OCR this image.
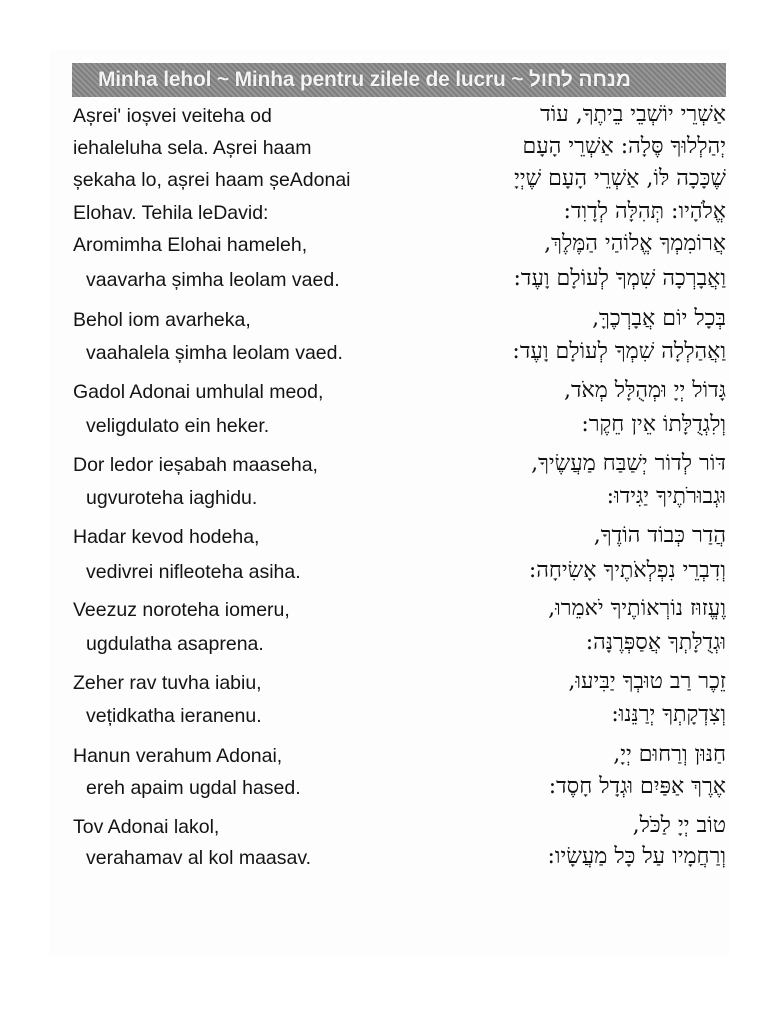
Minha lehol ~ Minha pentru zilele de lucru ~ מנחה לחול
Așrei' ioșvei veiteha od	אַשְׁרֵי יוֹשְׁבֵי בֵיתֶךָ, עוֹד
iehaleluha sela. Așrei haam	יְהַלְלוּךָ סֶּלָה: אַשְׁרֵי הָעָם
șekaha lo, așrei haam șeAdonai	שֶׁכָּכָה לּוֹ, אַשְׁרֵי הָעָם שֶׁיְיָ
Elohav. Tehila leDavid:	אֱלֹהָיו: תְּהִלָּה לְדָוִד:
Aromimha Elohai hameleh,	אֲרוֹמִמְךָ אֱלוֹהַי הַמֶּלֶךְ,
vaavarha șimha leolam vaed.	וַאֲבָרְכָה שִׁמְךָ לְעוֹלָם וָעֶד:
Behol iom avarheka,	בְּכָל יוֹם אֲבָרְכֶךָּ,
vaahalela șimha leolam vaed.	וַאֲהַלְלָה שִׁמְךָ לְעוֹלָם וָעֶד:
Gadol Adonai umhulal meod,	גָּדוֹל יְיָ וּמְהֻלָּל מְאֹד,
veligdulato ein heker.	וְלִגְדֻלָּתוֹ אֵין חֵקֶר:
Dor ledor ieșabah maaseha,	דּוֹר לְדוֹר יְשַׁבַּח מַעֲשֶׂיךָ,
ugvuroteha iaghidu.	וּגְבוּרֹתֶיךָ יַגִּידוּ:
Hadar kevod hodeha,	הֲדַר כְּבוֹד הוֹדֶךָ,
vedivrei nifleoteha asiha.	וְדִבְרֵי נִפְלְאֹתֶיךָ אָשִׂיחָה:
Veezuz noroteha iomeru,	וֶעֱזוּז נוֹרְאוֹתֶיךָ יֹאמֵרוּ,
ugdulatha asaprena.	וּגְדֻלָּתְךָ אֲסַפְּרֶנָּה:
Zeher rav tuvha iabiu,	זֵכֶר רַב טוּבְךָ יַבִּיעוּ,
vețidkatha ieranenu.	וְצִדְקָתְךָ יְרַנֵּנוּ:
Hanun verahum Adonai,	חַנּוּן וְרַחוּם יְיָ,
ereh apaim ugdal hased.	אֶרֶךְ אַפַּיִם וּגְדָל חָסֶד:
Tov Adonai lakol,	טוֹב יְיָ לַכֹּל,
verahamav al kol maasav.	וְרַחֲמָיו עַל כָּל מַעֲשָׂיו:
